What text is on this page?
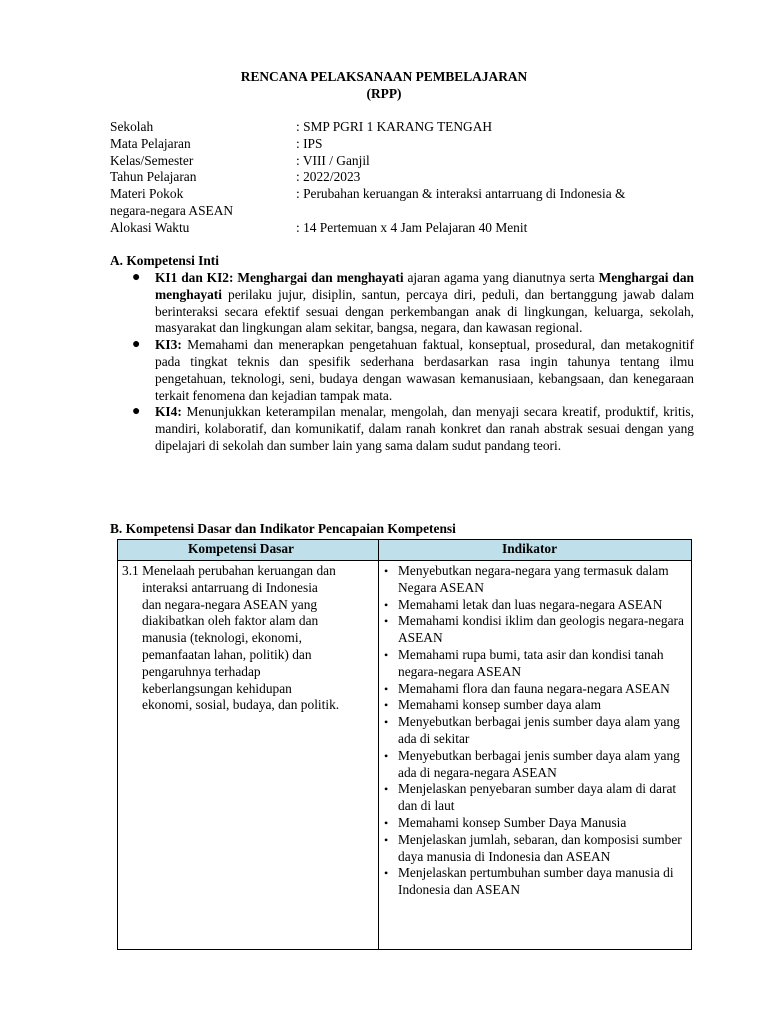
RENCANA PELAKSANAAN PEMBELAJARAN
(RPP)
Sekolah	: SMP PGRI 1 KARANG TENGAH
Mata Pelajaran	: IPS
Kelas/Semester	: VIII / Ganjil
Tahun Pelajaran	: 2022/2023
Materi Pokok	: Perubahan keruangan & interaksi antarruang di Indonesia &
negara-negara ASEAN
Alokasi Waktu	: 14 Pertemuan x 4 Jam Pelajaran 40 Menit
A. Kompetensi Inti
● KI1 dan KI2: Menghargai dan menghayati ajaran agama yang dianutnya serta Menghargai dan menghayati perilaku jujur, disiplin, santun, percaya diri, peduli, dan bertanggung jawab dalam berinteraksi secara efektif sesuai dengan perkembangan anak di lingkungan, keluarga, sekolah, masyarakat dan lingkungan alam sekitar, bangsa, negara, dan kawasan regional.
● KI3: Memahami dan menerapkan pengetahuan faktual, konseptual, prosedural, dan metakognitif pada tingkat teknis dan spesifik sederhana berdasarkan rasa ingin tahunya tentang ilmu pengetahuan, teknologi, seni, budaya dengan wawasan kemanusiaan, kebangsaan, dan kenegaraan terkait fenomena dan kejadian tampak mata.
● KI4: Menunjukkan keterampilan menalar, mengolah, dan menyaji secara kreatif, produktif, kritis, mandiri, kolaboratif, dan komunikatif, dalam ranah konkret dan ranah abstrak sesuai dengan yang dipelajari di sekolah dan sumber lain yang sama dalam sudut pandang teori.
B. Kompetensi Dasar dan Indikator Pencapaian Kompetensi
Kompetensi Dasar	Indikator
3.1 Menelaah perubahan keruangan dan
interaksi antarruang di Indonesia
dan negara-negara ASEAN yang
diakibatkan oleh faktor alam dan
manusia (teknologi, ekonomi,
pemanfaatan lahan, politik) dan
pengaruhnya terhadap
keberlangsungan kehidupan
ekonomi, sosial, budaya, dan politik.
• Menyebutkan negara-negara yang termasuk dalam Negara ASEAN
• Memahami letak dan luas negara-negara ASEAN
• Memahami kondisi iklim dan geologis negara-negara ASEAN
• Memahami rupa bumi, tata asir dan kondisi tanah negara-negara ASEAN
• Memahami flora dan fauna negara-negara ASEAN
• Memahami konsep sumber daya alam
• Menyebutkan berbagai jenis sumber daya alam yang ada di sekitar
• Menyebutkan berbagai jenis sumber daya alam yang ada di negara-negara ASEAN
• Menjelaskan penyebaran sumber daya alam di darat dan di laut
• Memahami konsep Sumber Daya Manusia
• Menjelaskan jumlah, sebaran, dan komposisi sumber daya manusia di Indonesia dan ASEAN
• Menjelaskan pertumbuhan sumber daya manusia di Indonesia dan ASEAN
